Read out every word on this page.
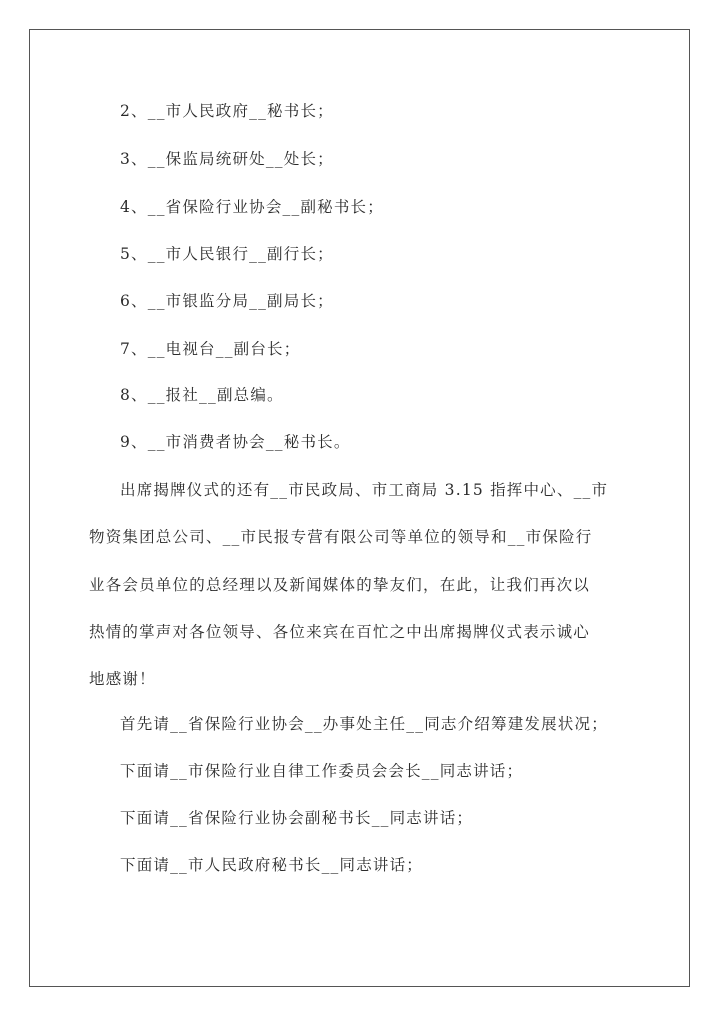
2、__市人民政府__秘书长；
3、__保监局统研处__处长；
4、__省保险行业协会__副秘书长；
5、__市人民银行__副行长；
6、__市银监分局__副局长；
7、__电视台__副台长；
8、__报社__副总编。
9、__市消费者协会__秘书长。
出席揭牌仪式的还有__市民政局、市工商局 3.15 指挥中心、__市
物资集团总公司、__市民报专营有限公司等单位的领导和__市保险行
业各会员单位的总经理以及新闻媒体的挚友们，在此，让我们再次以
热情的掌声对各位领导、各位来宾在百忙之中出席揭牌仪式表示诚心
地感谢！
首先请__省保险行业协会__办事处主任__同志介绍筹建发展状况；
下面请__市保险行业自律工作委员会会长__同志讲话；
下面请__省保险行业协会副秘书长__同志讲话；
下面请__市人民政府秘书长__同志讲话；
